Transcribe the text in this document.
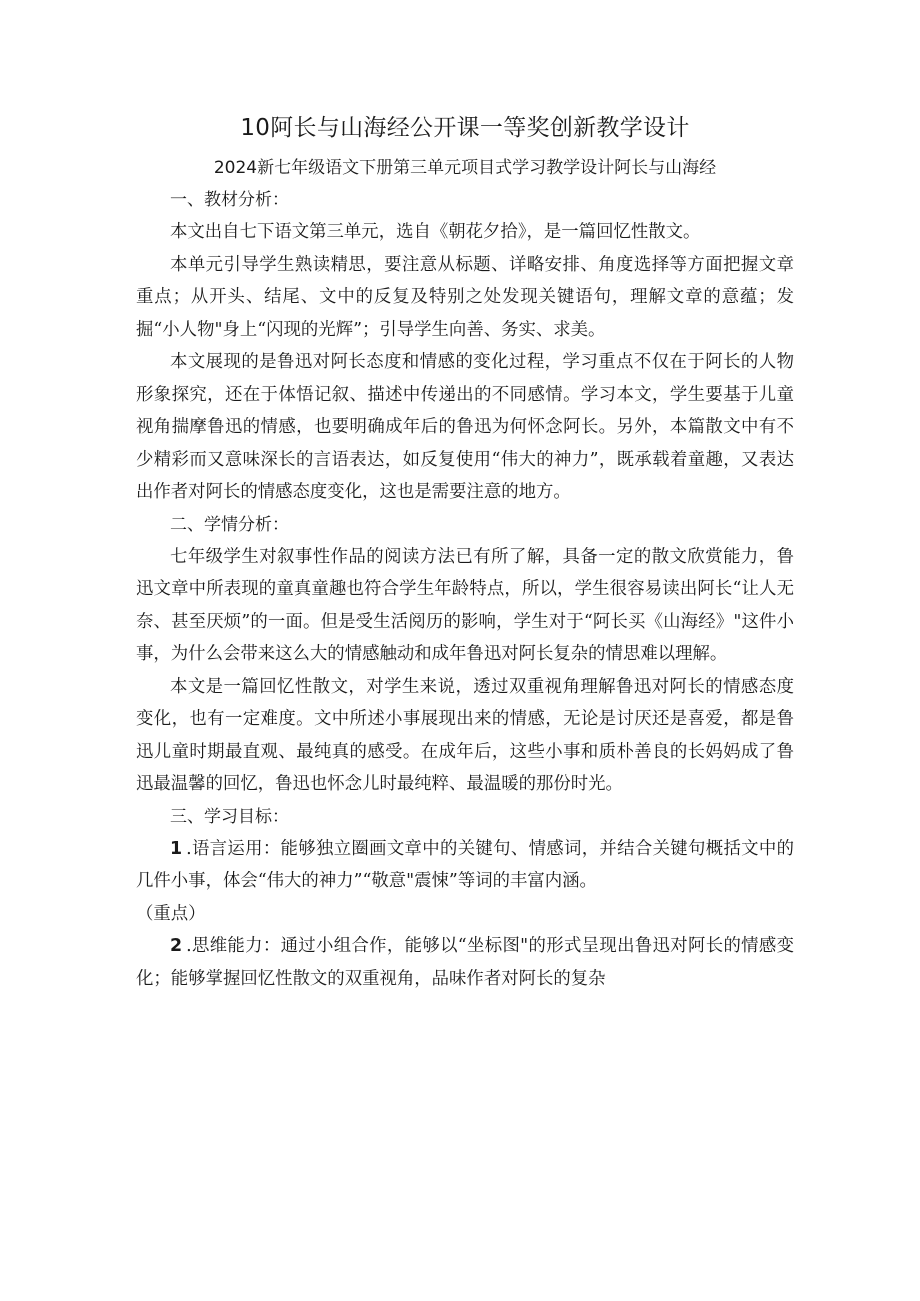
10阿长与山海经公开课一等奖创新教学设计

2024新七年级语文下册第三单元项目式学习教学设计阿长与山海经

一、教材分析：

本文出自七下语文第三单元，选自《朝花夕拾》，是一篇回忆性散文。

本单元引导学生熟读精思，要注意从标题、详略安排、角度选择等方面把握文章重点；从开头、结尾、文中的反复及特别之处发现关键语句，理解文章的意蕴；发掘“小人物"身上“闪现的光辉”；引导学生向善、务实、求美。

本文展现的是鲁迅对阿长态度和情感的变化过程，学习重点不仅在于阿长的人物形象探究，还在于体悟记叙、描述中传递出的不同感情。学习本文，学生要基于儿童视角揣摩鲁迅的情感，也要明确成年后的鲁迅为何怀念阿长。另外，本篇散文中有不少精彩而又意味深长的言语表达，如反复使用“伟大的神力”，既承载着童趣，又表达出作者对阿长的情感态度变化，这也是需要注意的地方。

二、学情分析：

七年级学生对叙事性作品的阅读方法已有所了解，具备一定的散文欣赏能力，鲁迅文章中所表现的童真童趣也符合学生年龄特点，所以，学生很容易读出阿长“让人无奈、甚至厌烦”的一面。但是受生活阅历的影响，学生对于“阿长买《山海经》"这件小事，为什么会带来这么大的情感触动和成年鲁迅对阿长复杂的情思难以理解。

本文是一篇回忆性散文，对学生来说，透过双重视角理解鲁迅对阿长的情感态度变化，也有一定难度。文中所述小事展现出来的情感，无论是讨厌还是喜爱，都是鲁迅儿童时期最直观、最纯真的感受。在成年后，这些小事和质朴善良的长妈妈成了鲁迅最温馨的回忆，鲁迅也怀念儿时最纯粹、最温暖的那份时光。

三、学习目标：

1 .语言运用：能够独立圈画文章中的关键句、情感词，并结合关键句概括文中的几件小事，体会“伟大的神力”“敬意"震悚”等词的丰富内涵。
（重点）

2 .思维能力：通过小组合作，能够以“坐标图"的形式呈现出鲁迅对阿长的情感变化；能够掌握回忆性散文的双重视角，品味作者对阿长的复杂
